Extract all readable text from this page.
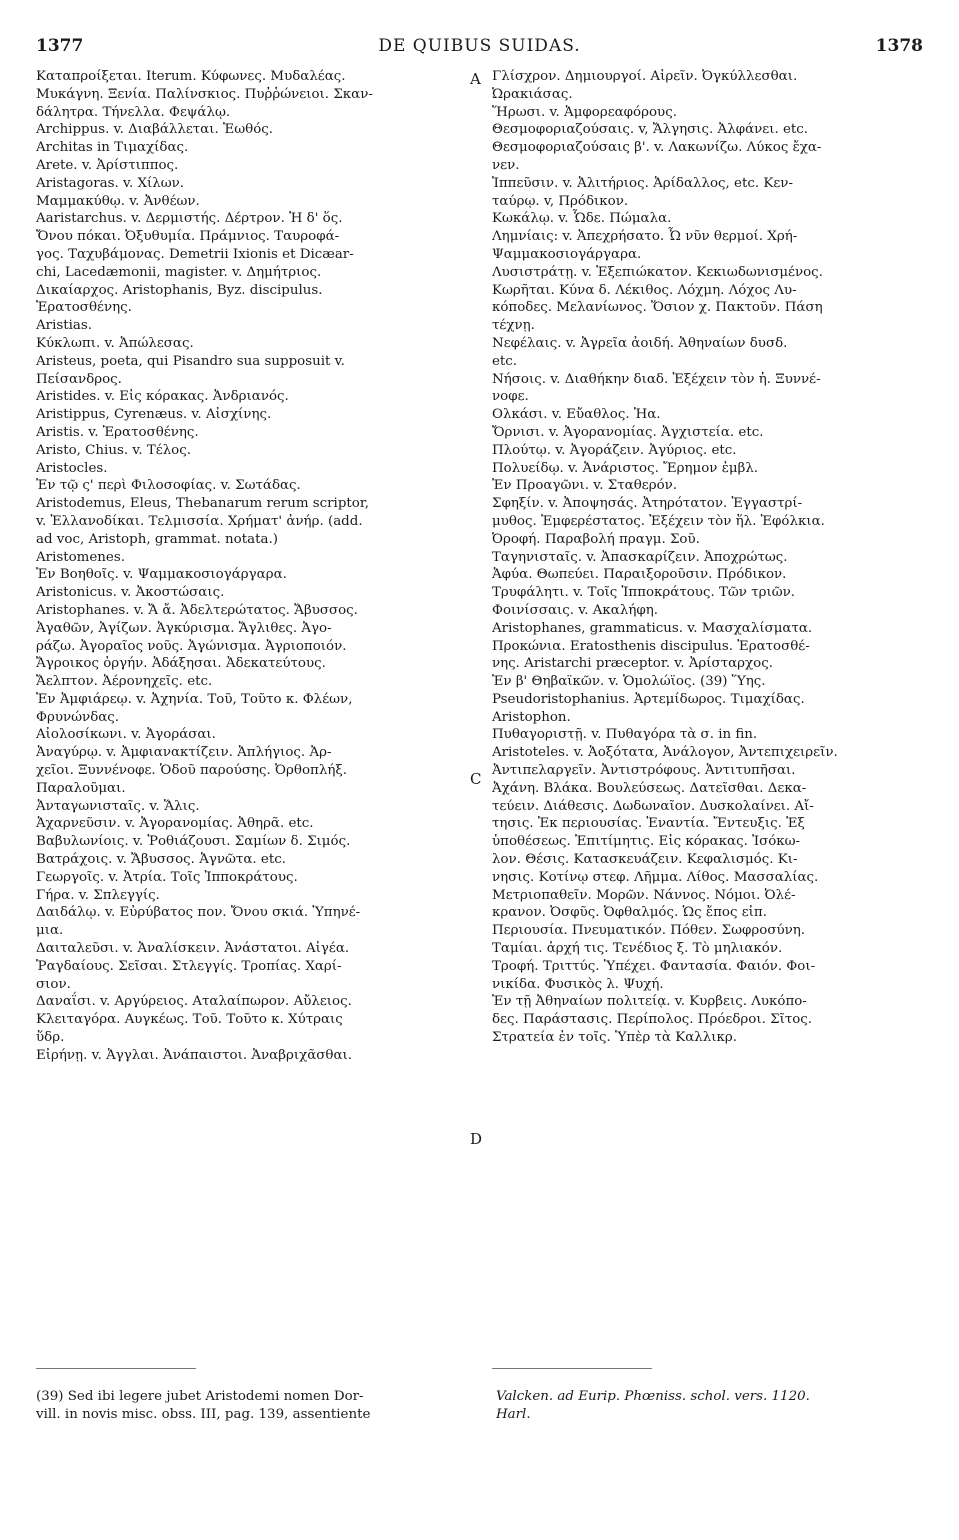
1377	DE QUIBUS SUIDAS.	1378
Καταπροίξεται. Iterum. Κύφωνες. Μυδαλέας.
Μυκάγνη. Ξενία. Παλίνσκιος. Πυῤῥώνειοι. Σκαν-
δάλητρα. Τήνελλα. Φεψάλῳ.
Archippus. v. Διαβάλλεται. Ἑωθός.
Architas in Τιμαχίδας.
Arete. v. Ἀρίστιππος.
Aristagoras. v. Χίλων.
Μαμμακύθῳ. v. Ἀνθέων.
Aaristarchus. v. Δερμιστής. Δέρτρον. Ἡ δ' ὅς.
Ὄνου πόκαι. Ὀξυθυμία. Πράμνιος. Ταυροφά-
γος. Ταχυβάμονας. Demetrii Ixionis et Dicæar-
chi, Lacedæmonii, magister. v. Δημήτριος.
Δικαίαρχος. Aristophanis, Byz. discipulus.
Ἐρατοσθένης.
Aristias.
Κύκλωπι. v. Ἀπώλεσας.
Aristeus, poeta, qui Pisandro sua supposuit v.
Πείσανδρος.
Aristides. v. Εἰς κόρακας. Ἀνδριανός.
Aristippus, Cyrenæus. v. Αἰσχίνης.
Aristis. v. Ἐρατοσθένης.
Aristo, Chius. v. Τέλος.
Aristocles.
Ἐν τῷ ς' περὶ Φιλοσοφίας. v. Σωτάδας.
Aristodemus, Eleus, Thebanarum rerum scriptor,
v. Ἑλλανοδίκαι. Τελμισσία. Χρήματ' ἀνήρ. (add.
ad voc, Aristoph, grammat. notata.)
Aristomenes.
Ἐν Βοηθοῖς. v. Ψαμμακοσιογάργαρα.
Aristonicus. v. Ἀκοστώσαις.
Aristophanes. v. Ἄ ἄ. Ἀδελτερώτατος. Ἄβυσσος.
Ἀγαθῶν, Ἀγίζων. Ἀγκύρισμα. Ἄγλιθες. Ἀγο-
ράζω. Ἀγοραῖος νοῦς. Ἀγώνισμα. Ἀγριοποιόν.
Ἄγροικος ὀργήν. Ἀδάξησαι. Ἀδεκατεύτους.
Ἄελπτον. Ἀέρονηχεῖς. etc.
Ἐν Ἀμφιάρεῳ. v. Ἀχηνία. Τοῦ, Τοῦτο κ. Φλέων,
Φρυνώνδας.
Αἰολοσίκωνι. v. Ἀγοράσαι.
Ἀναγύρῳ. v. Ἀμφιανακτίζειν. Ἀπλήγιος. Ἀρ-
χεῖοι. Ξυννένοφε. Ὁδοῦ παρούσης. Ὀρθοπλήξ.
Παραλοῦμαι.
Ἀνταγωνισταῖς. v. Ἅλις.
Ἀχαρνεῦσιν. v. Ἀγορανομίας. Ἀθηρᾶ. etc.
Βαβυλωνίοις. v. Ῥοθιάζουσι. Σαμίων δ. Σιμός.
Βατράχοις. v. Ἄβυσσος. Ἀγνῶτα. etc.
Γεωργοῖς. v. Ἀτρία. Τοῖς Ἱπποκράτους.
Γήρα. v. Σπλεγγίς.
Δαιδάλῳ. v. Εὐρύβατος πον. Ὄνου σκιά. Ὑπηνέ-
μια.
Δαιταλεῦσι. v. Ἀναλίσκειν. Ἀνάστατοι. Αἰγέα.
Ῥαγδαίους. Σεῖσαι. Στλεγγίς. Τροπίας. Χαρί-
σιον.
Δαναΐσι. v. Αργύρειος. Αταλαίπωρον. Αὔλειος.
Κλειταγόρα. Αυγκέως. Τοῦ. Τοῦτο κ. Χύτραις
ὕδρ.
Εἰρήνῃ. v. Ἀγγλαι. Ἀνάπαιστοι. Ἀναβριχᾶσθαι.
Γλίσχρον. Δημιουργοί. Αἱρεῖν. Ὀγκύλλεσθαι.
Ὠρακιάσας.
Ἥρωσι. v. Ἀμφορεαφόρους.
Θεσμοφοριαζούσαις. v, Ἄλγησις. Ἀλφάνει. etc.
Θεσμοφοριαζούσαις β'. v. Λακωνίζω. Λύκος ἔχα-
νεν.
Ἱππεῦσιν. v. Ἀλιτήριος. Ἀρίδαλλος, etc. Κεν-
ταύρῳ. v, Πρόδικον.
Κωκάλῳ. v. Ὧδε. Πώμαλα.
Λημνίαις: v. Ἀπεχρήσατο. Ὦ νῦν θερμοί. Χρή-
Ψαμμακοσιογάργαρα.
Λυσιστράτῃ. v. Ἐξεπιώκατον. Κεκιωδωνισμένος.
Κωρῆται. Κύνα δ. Λέκιθος. Λόχμη. Λόχος Λυ-
κόποδες. Μελανίωνος. Ὅσιον χ. Πακτοῦν. Πάση
τέχνῃ.
Νεφέλαις. v. Ἀγρεῖα ἀοιδή. Ἀθηναίων δυσδ.
etc.
Νήσοις. v. Διαθήκην διαδ. Ἐξέχειν τὸν ἡ. Ξυννέ-
νοφε.
Ολκάσι. v. Εὔαθλος. Ἠα.
Ὄρνισι. v. Ἀγορανομίας. Ἀγχιστεία. etc.
Πλούτῳ. v. Ἀγοράζειν. Ἀγύριος. etc.
Πολυείδῳ. v. Ἀνάριστος. Ἔρημον ἐμβλ.
Ἐν Προαγῶνι. v. Σταθερόν.
Σφηξίν. v. Ἀποψησάς. Ἀτηρότατον. Ἐγγαστρί-
μυθος. Ἐμφερέστατος. Ἐξέχειν τὸν ἥλ. Ἐφόλκια.
Ὀροφή. Παραβολή πραγμ. Σοῦ.
Ταγηνισταῖς. v. Ἀπασκαρίζειν. Ἀποχρώτως.
Ἀφύα. Θωπεύει. Παραιξοροῦσιν. Πρόδικον.
Τρυφάλητι. v. Τοῖς Ἱπποκράτους. Τῶν τριῶν.
Φοινίσσαις. v. Ακαλήφη.
Aristophanes, grammaticus. v. Μασχαλίσματα.
Προκώνια. Eratosthenis discipulus. Ἐρατοσθέ-
νης. Aristarchi præceptor. v. Ἀρίσταρχος.
Ἐν β' Θηβαϊκῶν. v. Ὁμολώϊος. (39) Ὕης.
Pseudoristophanius. Ἀρτεμίδωρος. Τιμαχίδας.
Aristophon.
Πυθαγοριστῇ. v. Πυθαγόρα τὰ σ. in fin.
Aristoteles. v. Ἀοξότατα, Ἀνάλογον, Ἀντεπιχειρεῖν.
Ἀντιπελαργεῖν. Ἀντιστρόφους. Ἀντιτυπῆσαι.
Ἀχάνη. Βλάκα. Βουλεύσεως. Δατεῖσθαι. Δεκα-
τεύειν. Διάθεσις. Δωδωναῖον. Δυσκολαίνει. Αἴ-
τησις. Ἐκ περιουσίας. Ἐναντία. Ἔντευξις. Ἐξ
ὑποθέσεως. Ἐπιτίμητις. Εἰς κόρακας. Ἰσόκω-
λον. Θέσις. Κατασκευάζειν. Κεφαλισμός. Κι-
νησις. Κοτίνῳ στεφ. Λῆμμα. Λίθος. Μασσαλίας.
Μετριοπαθεῖν. Μορῶν. Νάννος. Νόμοι. Ὀλέ-
κρανον. Ὀσφῦς. Ὀφθαλμός. Ὡς ἔπος εἰπ.
Περιουσία. Πνευματικόν. Πόθεν. Σωφροσύνη.
Ταμίαι. ἀρχή τις. Τενέδιος ξ. Τὸ μηλιακόν.
Τροφή. Τριττύς. Ὑπέχει. Φαντασία. Φαιόν. Φοι-
νικίδα. Φυσικὸς λ. Ψυχή.
Ἐν τῇ Ἀθηναίων πολιτείᾳ. v. Κυρβεις. Λυκόπο-
δες. Παράστασις. Περίπολος. Πρόεδροι. Σῖτος.
Στρατεία ἐν τοῖς. Ὑπὲρ τὰ Καλλικρ.
A
C
D
(39) Sed ibi legere jubet Aristodemi nomen Dor-
vill. in novis misc. obss. III, pag. 139, assentiente
Valcken. ad Eurip. Phœniss. schol. vers. 1120.
Harl.
